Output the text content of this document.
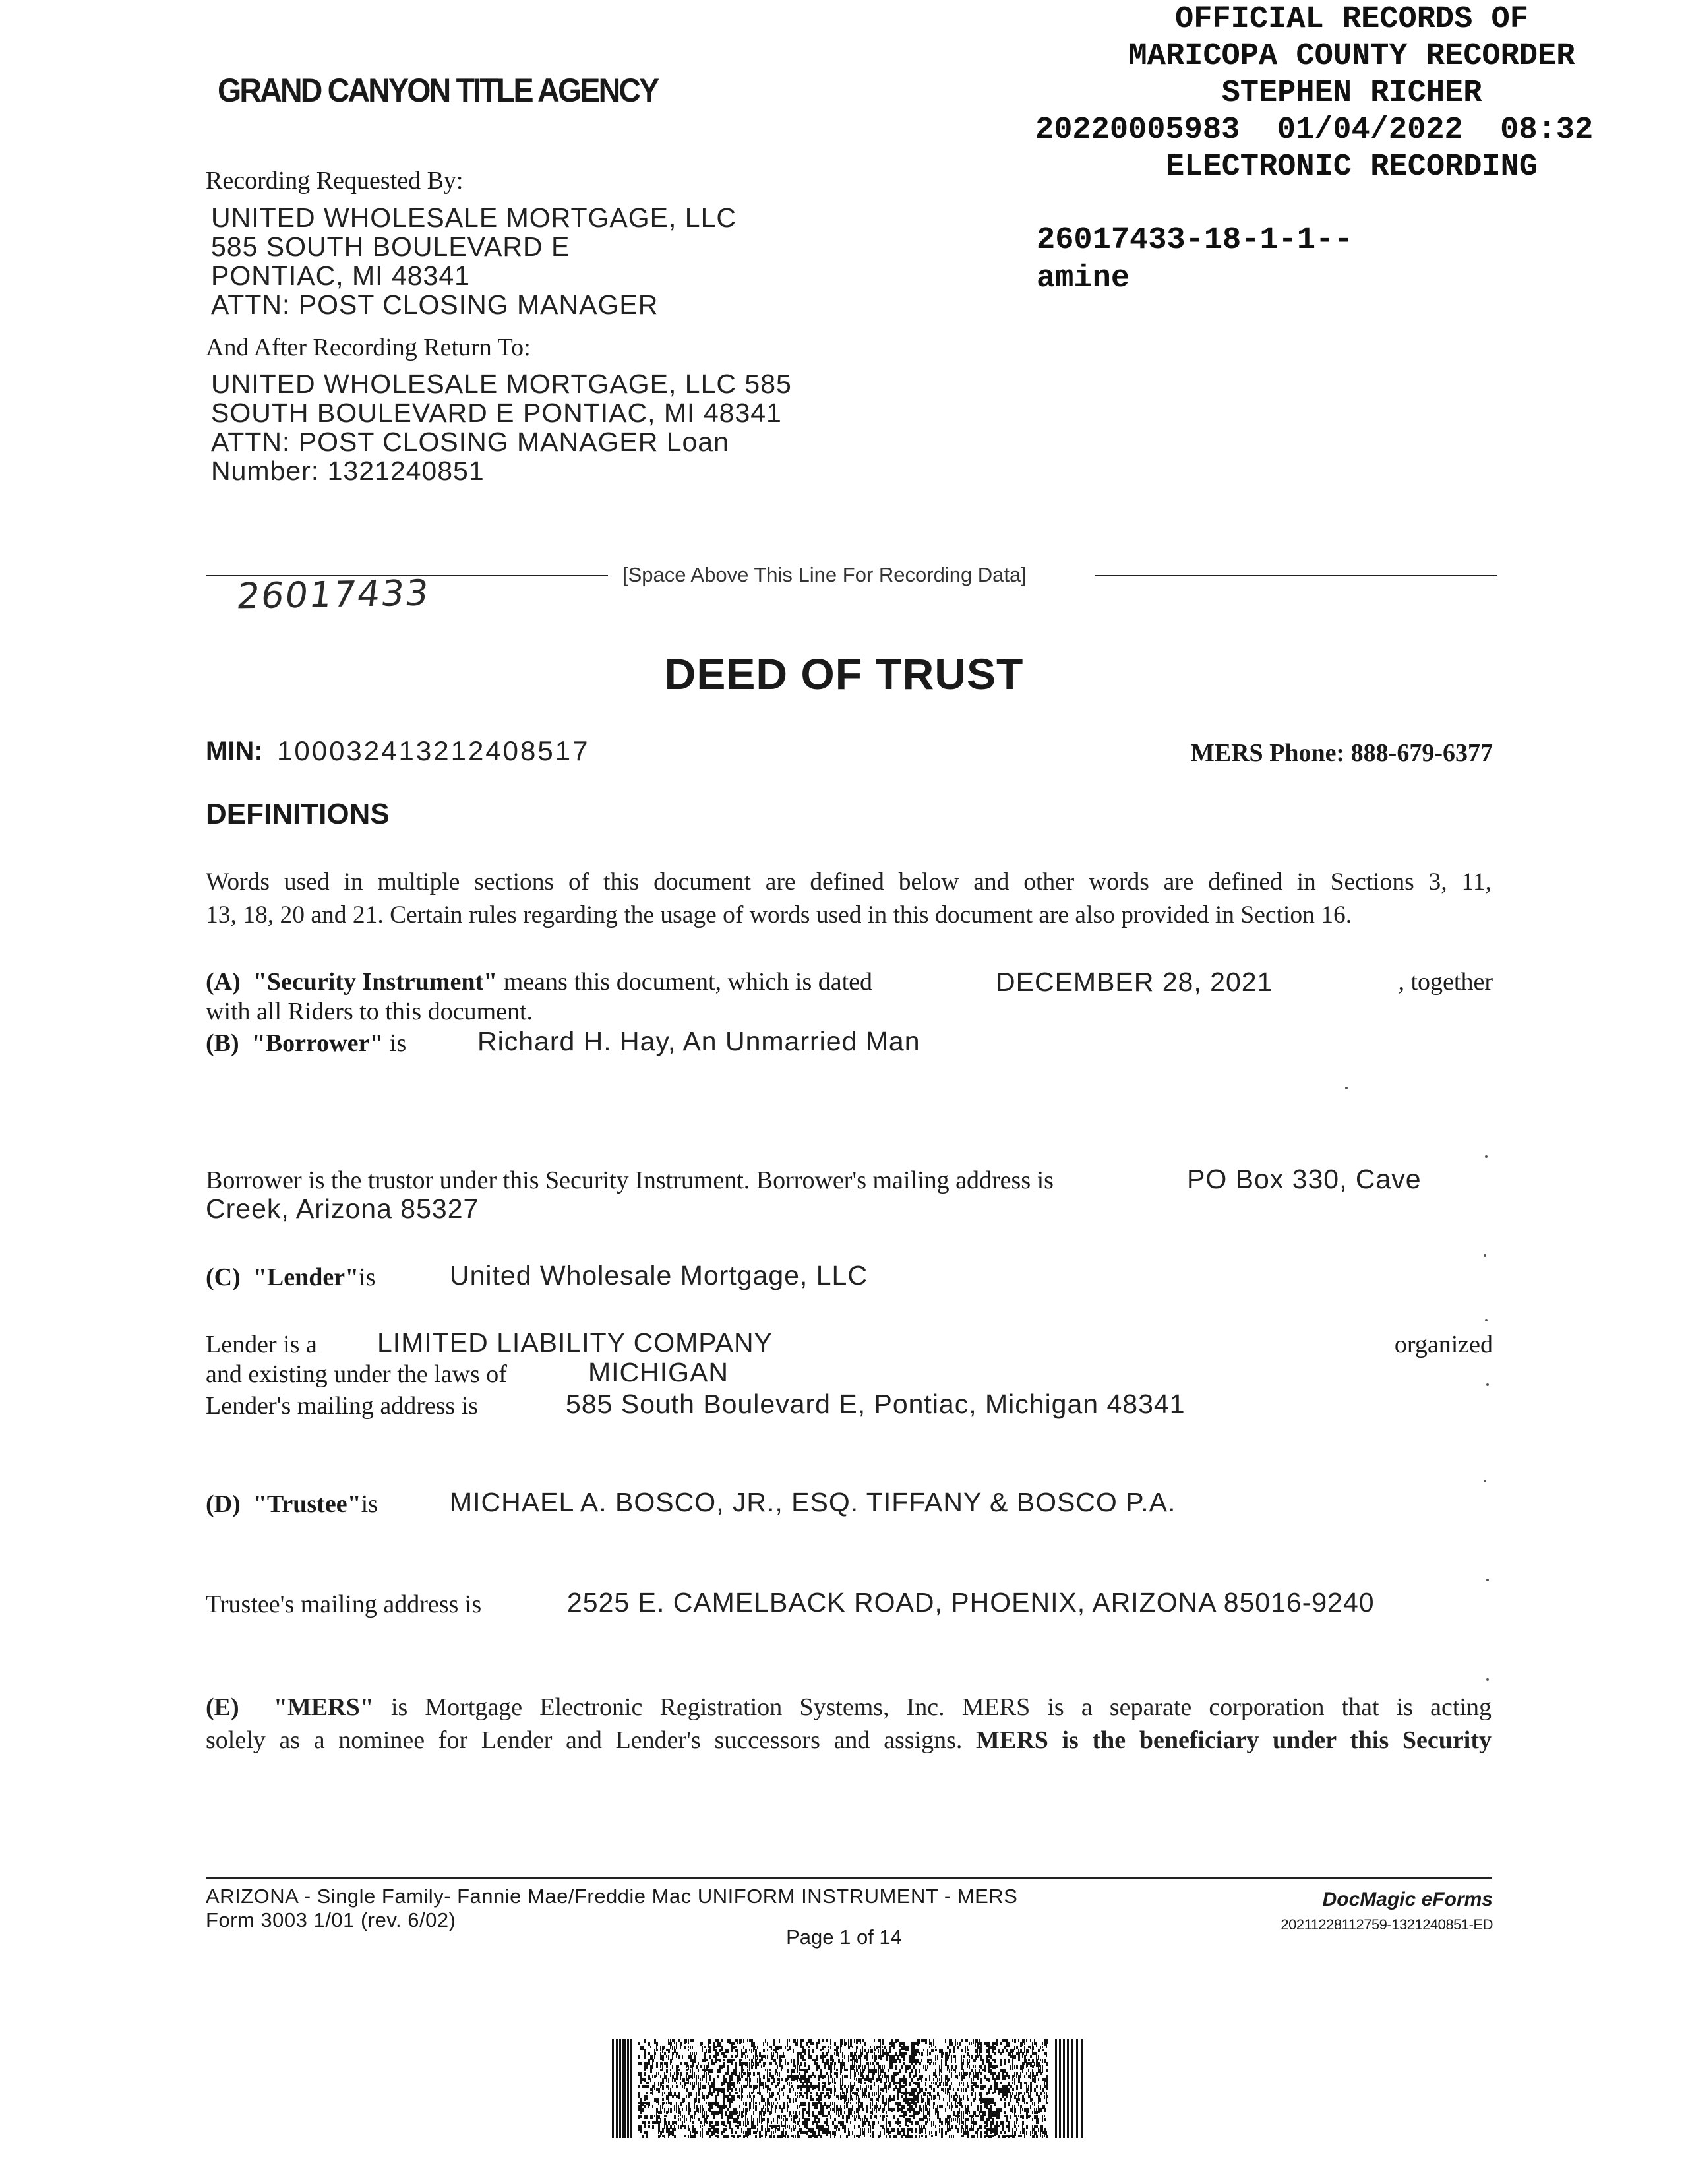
OFFICIAL RECORDS OF
MARICOPA COUNTY RECORDER
STEPHEN RICHER
20220005983 01/04/2022 08:32
ELECTRONIC RECORDING
26017433-18-1-1--
amine
GRAND CANYON TITLE AGENCY
Recording Requested By:
UNITED WHOLESALE MORTGAGE, LLC
585 SOUTH BOULEVARD E
PONTIAC, MI 48341
ATTN: POST CLOSING MANAGER
And After Recording Return To:
UNITED WHOLESALE MORTGAGE, LLC 585
SOUTH BOULEVARD E PONTIAC, MI 48341
ATTN: POST CLOSING MANAGER Loan
Number: 1321240851
[Space Above This Line For Recording Data]
26017433
DEED OF TRUST
MIN: 100032413212408517	MERS Phone: 888-679-6377
DEFINITIONS
Words used in multiple sections of this document are defined below and other words are defined in Sections 3, 11,
13, 18, 20 and 21. Certain rules regarding the usage of words used in this document are also provided in Section 16.
(A) "Security Instrument" means this document, which is dated	DECEMBER 28, 2021	, together
with all Riders to this document.
(B) "Borrower" is	Richard H. Hay, An Unmarried Man
Borrower is the trustor under this Security Instrument. Borrower's mailing address is	PO Box 330, Cave
Creek, Arizona 85327
(C) "Lender"is	United Wholesale Mortgage, LLC
Lender is a LIMITED LIABILITY COMPANY	organized
and existing under the laws of	MICHIGAN
Lender's mailing address is	585 South Boulevard E, Pontiac, Michigan 48341
(D) "Trustee"is	MICHAEL A. BOSCO, JR., ESQ. TIFFANY & BOSCO P.A.
Trustee's mailing address is	2525 E. CAMELBACK ROAD, PHOENIX, ARIZONA 85016-9240
(E) "MERS" is Mortgage Electronic Registration Systems, Inc. MERS is a separate corporation that is acting
solely as a nominee for Lender and Lender's successors and assigns. MERS is the beneficiary under this Security
ARIZONA - Single Family- Fannie Mae/Freddie Mac UNIFORM INSTRUMENT - MERS
Form 3003 1/01 (rev. 6/02)
Page 1 of 14
DocMagic eForms
20211228112759-1321240851-ED
